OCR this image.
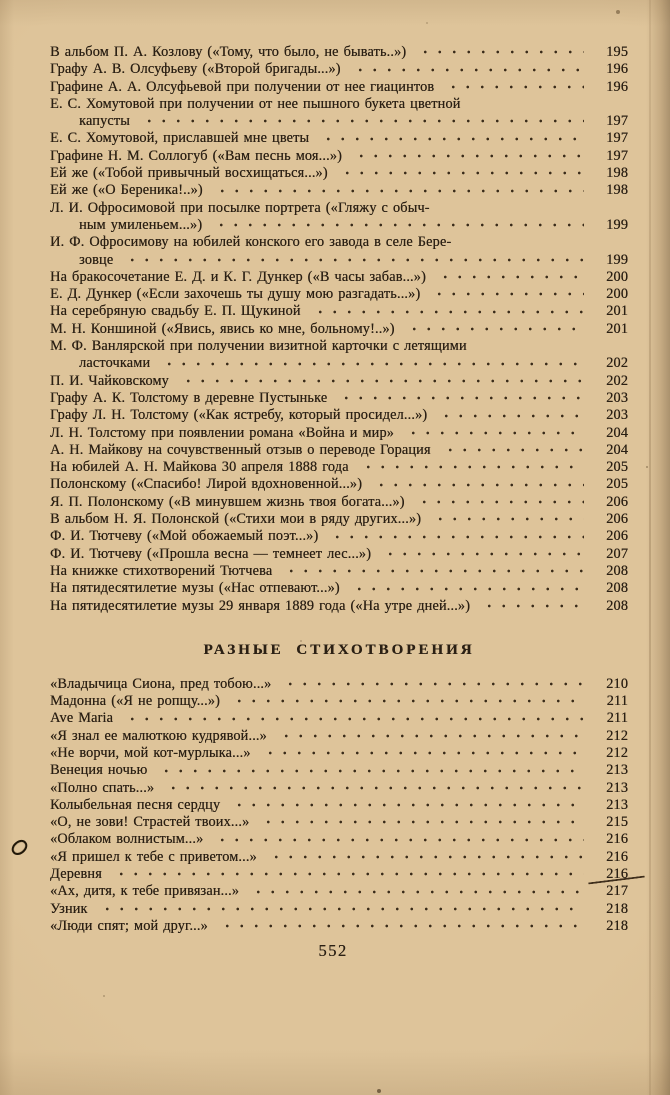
В альбом П. А. Козлову («Тому, что было, не бывать..»)	195
Графу А. В. Олсуфьеву («Второй бригады...»)	196
Графине А. А. Олсуфьевой при получении от нее гиацинтов	196
Е. С. Хомутовой при получении от нее пышного букета цветной
капусты	197
Е. С. Хомутовой, приславшей мне цветы	197
Графине Н. М. Соллогуб («Вам песнь моя...»)	197
Ей же («Тобой привычный восхищаться...»)	198
Ей же («О Береника!..»)	198
Л. И. Офросимовой при посылке портрета («Гляжу с обыч-
ным умиленьем...»)	199
И. Ф. Офросимову на юбилей конского его завода в селе Бере-
зовце	199
На бракосочетание Е. Д. и К. Г. Дункер («В часы забав...»)	200
Е. Д. Дункер («Если захочешь ты душу мою разгадать...»)	200
На серебряную свадьбу Е. П. Щукиной	201
М. Н. Коншиной («Явись, явись ко мне, больному!..»)	201
М. Ф. Ванлярской при получении визитной карточки с летящими
ласточками	202
П. И. Чайковскому	202
Графу А. К. Толстому в деревне Пустыньке	203
Графу Л. Н. Толстому («Как ястребу, который просидел...»)	203
Л. Н. Толстому при появлении романа «Война и мир»	204
А. Н. Майкову на сочувственный отзыв о переводе Горация	204
На юбилей А. Н. Майкова 30 апреля 1888 года	205
Полонскому («Спасибо! Лирой вдохновенной...»)	205
Я. П. Полонскому («В минувшем жизнь твоя богата...»)	206
В альбом Н. Я. Полонской («Стихи мои в ряду других...»)	206
Ф. И. Тютчеву («Мой обожаемый поэт...»)	206
Ф. И. Тютчеву («Прошла весна — темнеет лес...»)	207
На книжке стихотворений Тютчева	208
На пятидесятилетие музы («Нас отпевают...»)	208
На пятидесятилетие музы 29 января 1889 года («На утре дней...»)	208
РАЗНЫЕ СТИХОТВОРЕНИЯ
«Владычица Сиона, пред тобою...»	210
Мадонна («Я не ропщу...»)	211
Ave Maria	211
«Я знал ее малюткою кудрявой...»	212
«Не ворчи, мой кот-мурлыка...»	212
Венеция ночью	213
«Полно спать...»	213
Колыбельная песня сердцу	213
«О, не зови! Страстей твоих...»	215
«Облаком волнистым...»	216
«Я пришел к тебе с приветом...»	216
Деревня	216
«Ах, дитя, к тебе привязан...»	217
Узник	218
«Люди спят; мой друг...»	218
552
